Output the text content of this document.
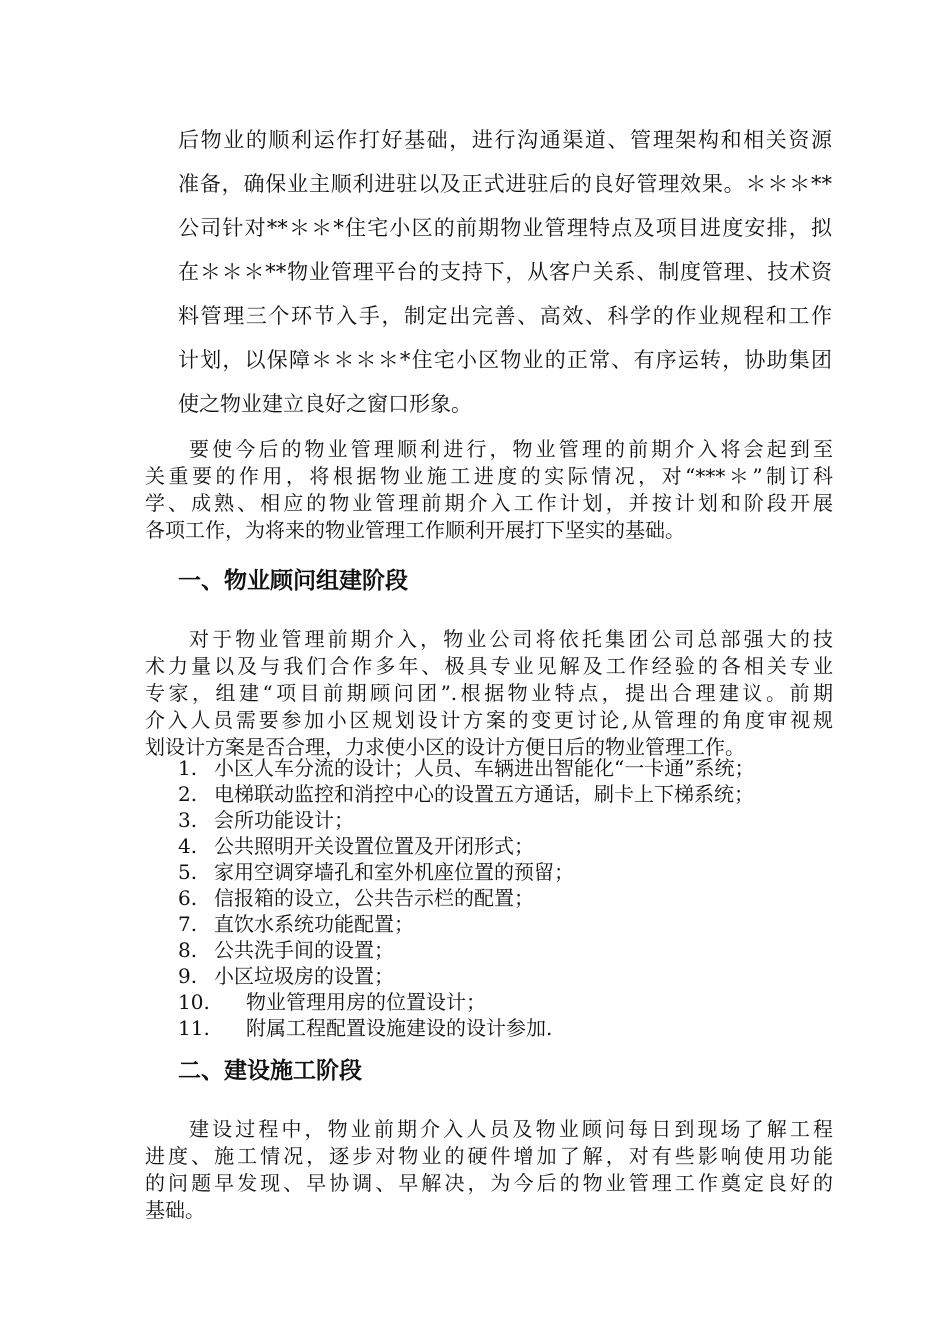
后物业的顺利运作打好基础，进行沟通渠道、管理架构和相关资源

准备，确保业主顺利进驻以及正式进驻后的良好管理效果。＊＊＊**

公司针对**＊＊*住宅小区的前期物业管理特点及项目进度安排，拟

在＊＊＊**物业管理平台的支持下，从客户关系、制度管理、技术资

料管理三个环节入手，制定出完善、高效、科学的作业规程和工作

计划，以保障＊＊＊＊*住宅小区物业的正常、有序运转，协助集团

使之物业建立良好之窗口形象。

要使今后的物业管理顺利进行，物业管理的前期介入将会起到至

关重要的作用，将根据物业施工进度的实际情况，对“***＊”制订科

学、成熟、相应的物业管理前期介入工作计划，并按计划和阶段开展

各项工作，为将来的物业管理工作顺利开展打下坚实的基础。

一、物业顾问组建阶段

对于物业管理前期介入，物业公司将依托集团公司总部强大的技

术力量以及与我们合作多年、极具专业见解及工作经验的各相关专业

专家，组建“项目前期顾问团”.根据物业特点，提出合理建议。前期

介入人员需要参加小区规划设计方案的变更讨论,从管理的角度审视规

划设计方案是否合理，力求使小区的设计方便日后的物业管理工作。

1. 小区人车分流的设计；人员、车辆进出智能化“一卡通”系统；
2. 电梯联动监控和消控中心的设置五方通话，刷卡上下梯系统；
3. 会所功能设计；
4. 公共照明开关设置位置及开闭形式；
5. 家用空调穿墙孔和室外机座位置的预留；
6. 信报箱的设立，公共告示栏的配置；
7. 直饮水系统功能配置；
8. 公共洗手间的设置；
9. 小区垃圾房的设置；
10. 物业管理用房的位置设计；
11. 附属工程配置设施建设的设计参加.
二、建设施工阶段

建设过程中，物业前期介入人员及物业顾问每日到现场了解工程

进度、施工情况，逐步对物业的硬件增加了解，对有些影响使用功能

的问题早发现、早协调、早解决，为今后的物业管理工作奠定良好的

基础。
